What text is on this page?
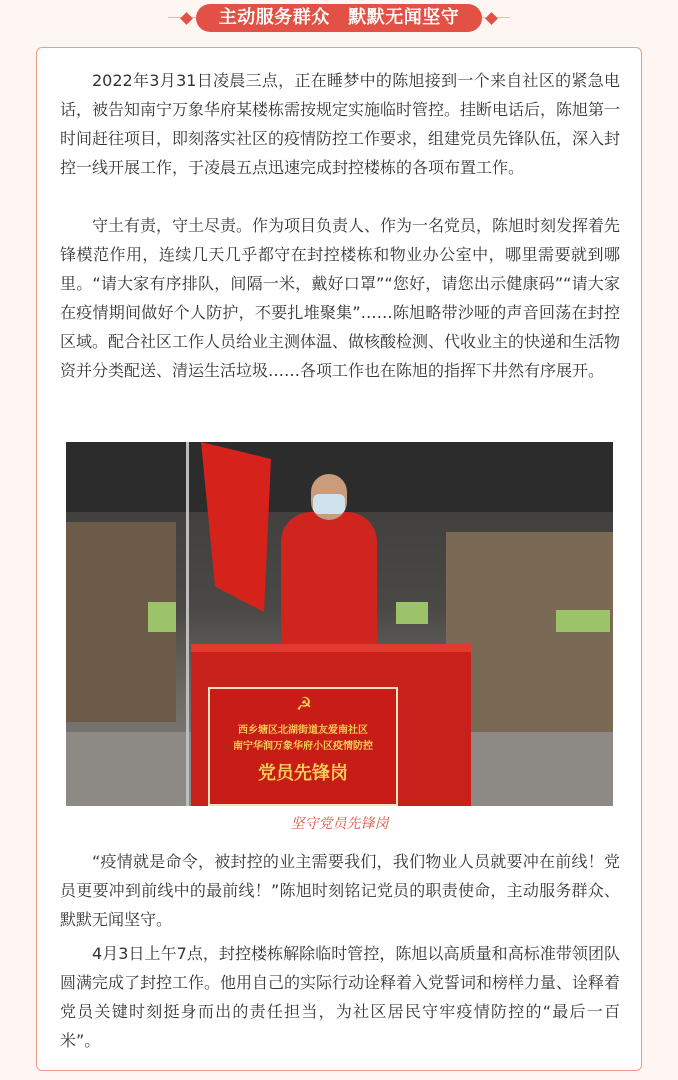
主动服务群众　默默无闻坚守

2022年3月31日凌晨三点，正在睡梦中的陈旭接到一个来自社区的紧急电话，被告知南宁万象华府某楼栋需按规定实施临时管控。挂断电话后，陈旭第一时间赶往项目，即刻落实社区的疫情防控工作要求，组建党员先锋队伍，深入封控一线开展工作，于凌晨五点迅速完成封控楼栋的各项布置工作。

守土有责，守土尽责。作为项目负责人、作为一名党员，陈旭时刻发挥着先锋模范作用，连续几天几乎都守在封控楼栋和物业办公室中，哪里需要就到哪里。“请大家有序排队，间隔一米，戴好口罩”“您好，请您出示健康码”“请大家在疫情期间做好个人防护，不要扎堆聚集”……陈旭略带沙哑的声音回荡在封控区域。配合社区工作人员给业主测体温、做核酸检测、代收业主的快递和生活物资并分类配送、清运生活垃圾……各项工作也在陈旭的指挥下井然有序展开。

☭
西乡塘区北湖街道友爱南社区
南宁华润万象华府小区疫情防控
党员先锋岗
坚守党员先锋岗

“疫情就是命令，被封控的业主需要我们，我们物业人员就要冲在前线！党员更要冲到前线中的最前线！”陈旭时刻铭记党员的职责使命，主动服务群众、默默无闻坚守。

4月3日上午7点，封控楼栋解除临时管控，陈旭以高质量和高标准带领团队圆满完成了封控工作。他用自己的实际行动诠释着入党誓词和榜样力量、诠释着党员关键时刻挺身而出的责任担当，为社区居民守牢疫情防控的“最后一百米”。
